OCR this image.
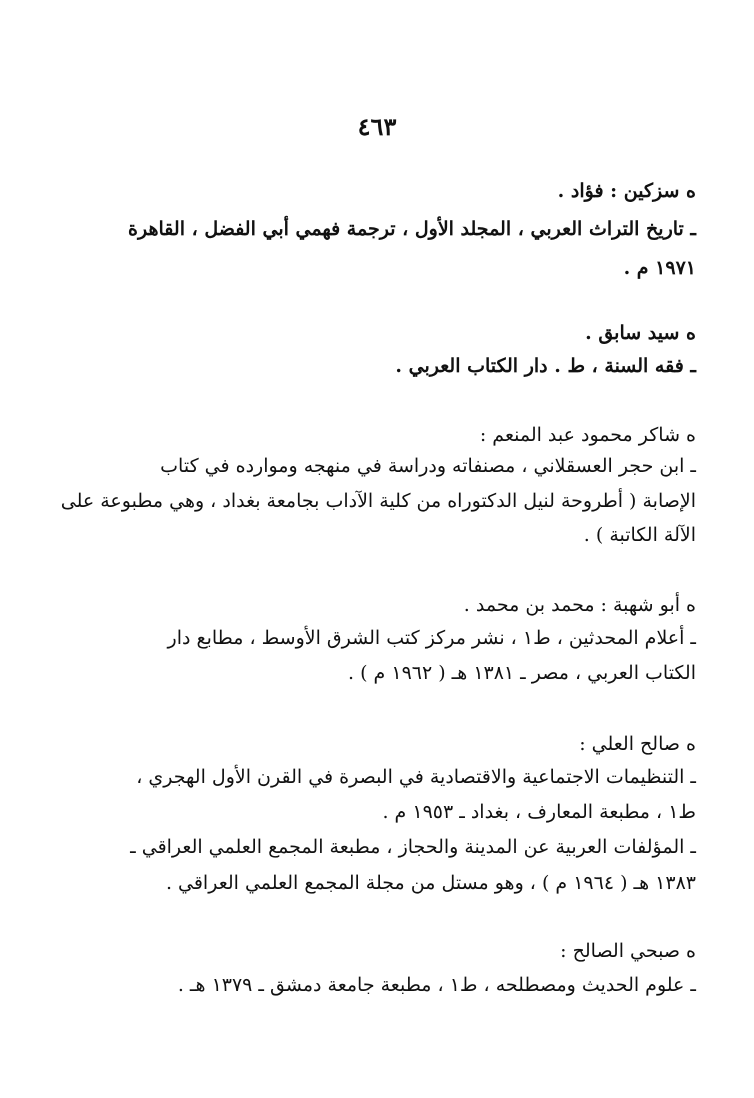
٤٦٣

ه سزكين : فؤاد .

ـ تاريخ التراث العربي ، المجلد الأول ، ترجمة فهمي أبي الفضل ، القاهرة

١٩٧١ م .

ه سيد سابق .

ـ فقه السنة ، ط . دار الكتاب العربي .

ه شاكر محمود عبد المنعم :

ـ ابن حجر العسقلاني ، مصنفاته ودراسة في منهجه وموارده في كتاب

الإصابة ( أطروحة لنيل الدكتوراه من كلية الآداب بجامعة بغداد ، وهي مطبوعة على

الآلة الكاتبة ) .

ه أبو شهبة : محمد بن محمد .

ـ أعلام المحدثين ، ط١ ، نشر مركز كتب الشرق الأوسط ، مطابع دار

الكتاب العربي ، مصر ـ ١٣٨١ هـ ( ١٩٦٢ م ) .

ه صالح العلي :

ـ التنظيمات الاجتماعية والاقتصادية في البصرة في القرن الأول الهجري ،

ط١ ، مطبعة المعارف ، بغداد ـ ١٩٥٣ م .

ـ المؤلفات العربية عن المدينة والحجاز ، مطبعة المجمع العلمي العراقي ـ

١٣٨٣ هـ ( ١٩٦٤ م ) ، وهو مستل من مجلة المجمع العلمي العراقي .

ه صبحي الصالح :

ـ علوم الحديث ومصطلحه ، ط١ ، مطبعة جامعة دمشق ـ ١٣٧٩ هـ .
